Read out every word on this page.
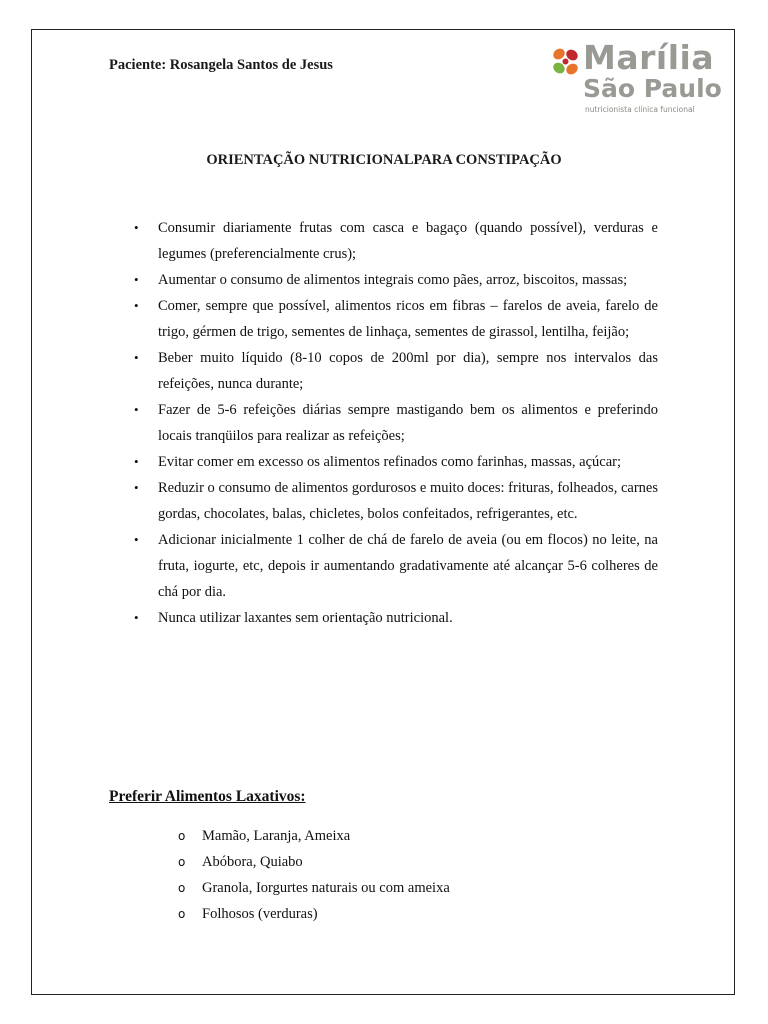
Paciente: Rosangela Santos de Jesus	Marília
São Paulo
nutricionista clínica funcional
ORIENTAÇÃO NUTRICIONALPARA CONSTIPAÇÃO
• Consumir diariamente frutas com casca e bagaço (quando possível), verduras e legumes (preferencialmente crus);
• Aumentar o consumo de alimentos integrais como pães, arroz, biscoitos, massas;
• Comer, sempre que possível, alimentos ricos em fibras – farelos de aveia, farelo de trigo, gérmen de trigo, sementes de linhaça, sementes de girassol, lentilha, feijão;
• Beber muito líquido (8-10 copos de 200ml por dia), sempre nos intervalos das refeições, nunca durante;
• Fazer de 5-6 refeições diárias sempre mastigando bem os alimentos e preferindo locais tranqüilos para realizar as refeições;
• Evitar comer em excesso os alimentos refinados como farinhas, massas, açúcar;
• Reduzir o consumo de alimentos gordurosos e muito doces: frituras, folheados, carnes gordas, chocolates, balas, chicletes, bolos confeitados, refrigerantes, etc.
• Adicionar inicialmente 1 colher de chá de farelo de aveia (ou em flocos) no leite, na fruta, iogurte, etc, depois ir aumentando gradativamente até alcançar 5-6 colheres de chá por dia.
• Nunca utilizar laxantes sem orientação nutricional.
Preferir Alimentos Laxativos:
o Mamão, Laranja, Ameixa
o Abóbora, Quiabo
o Granola, Iorgurtes naturais ou com ameixa
o Folhosos (verduras)
